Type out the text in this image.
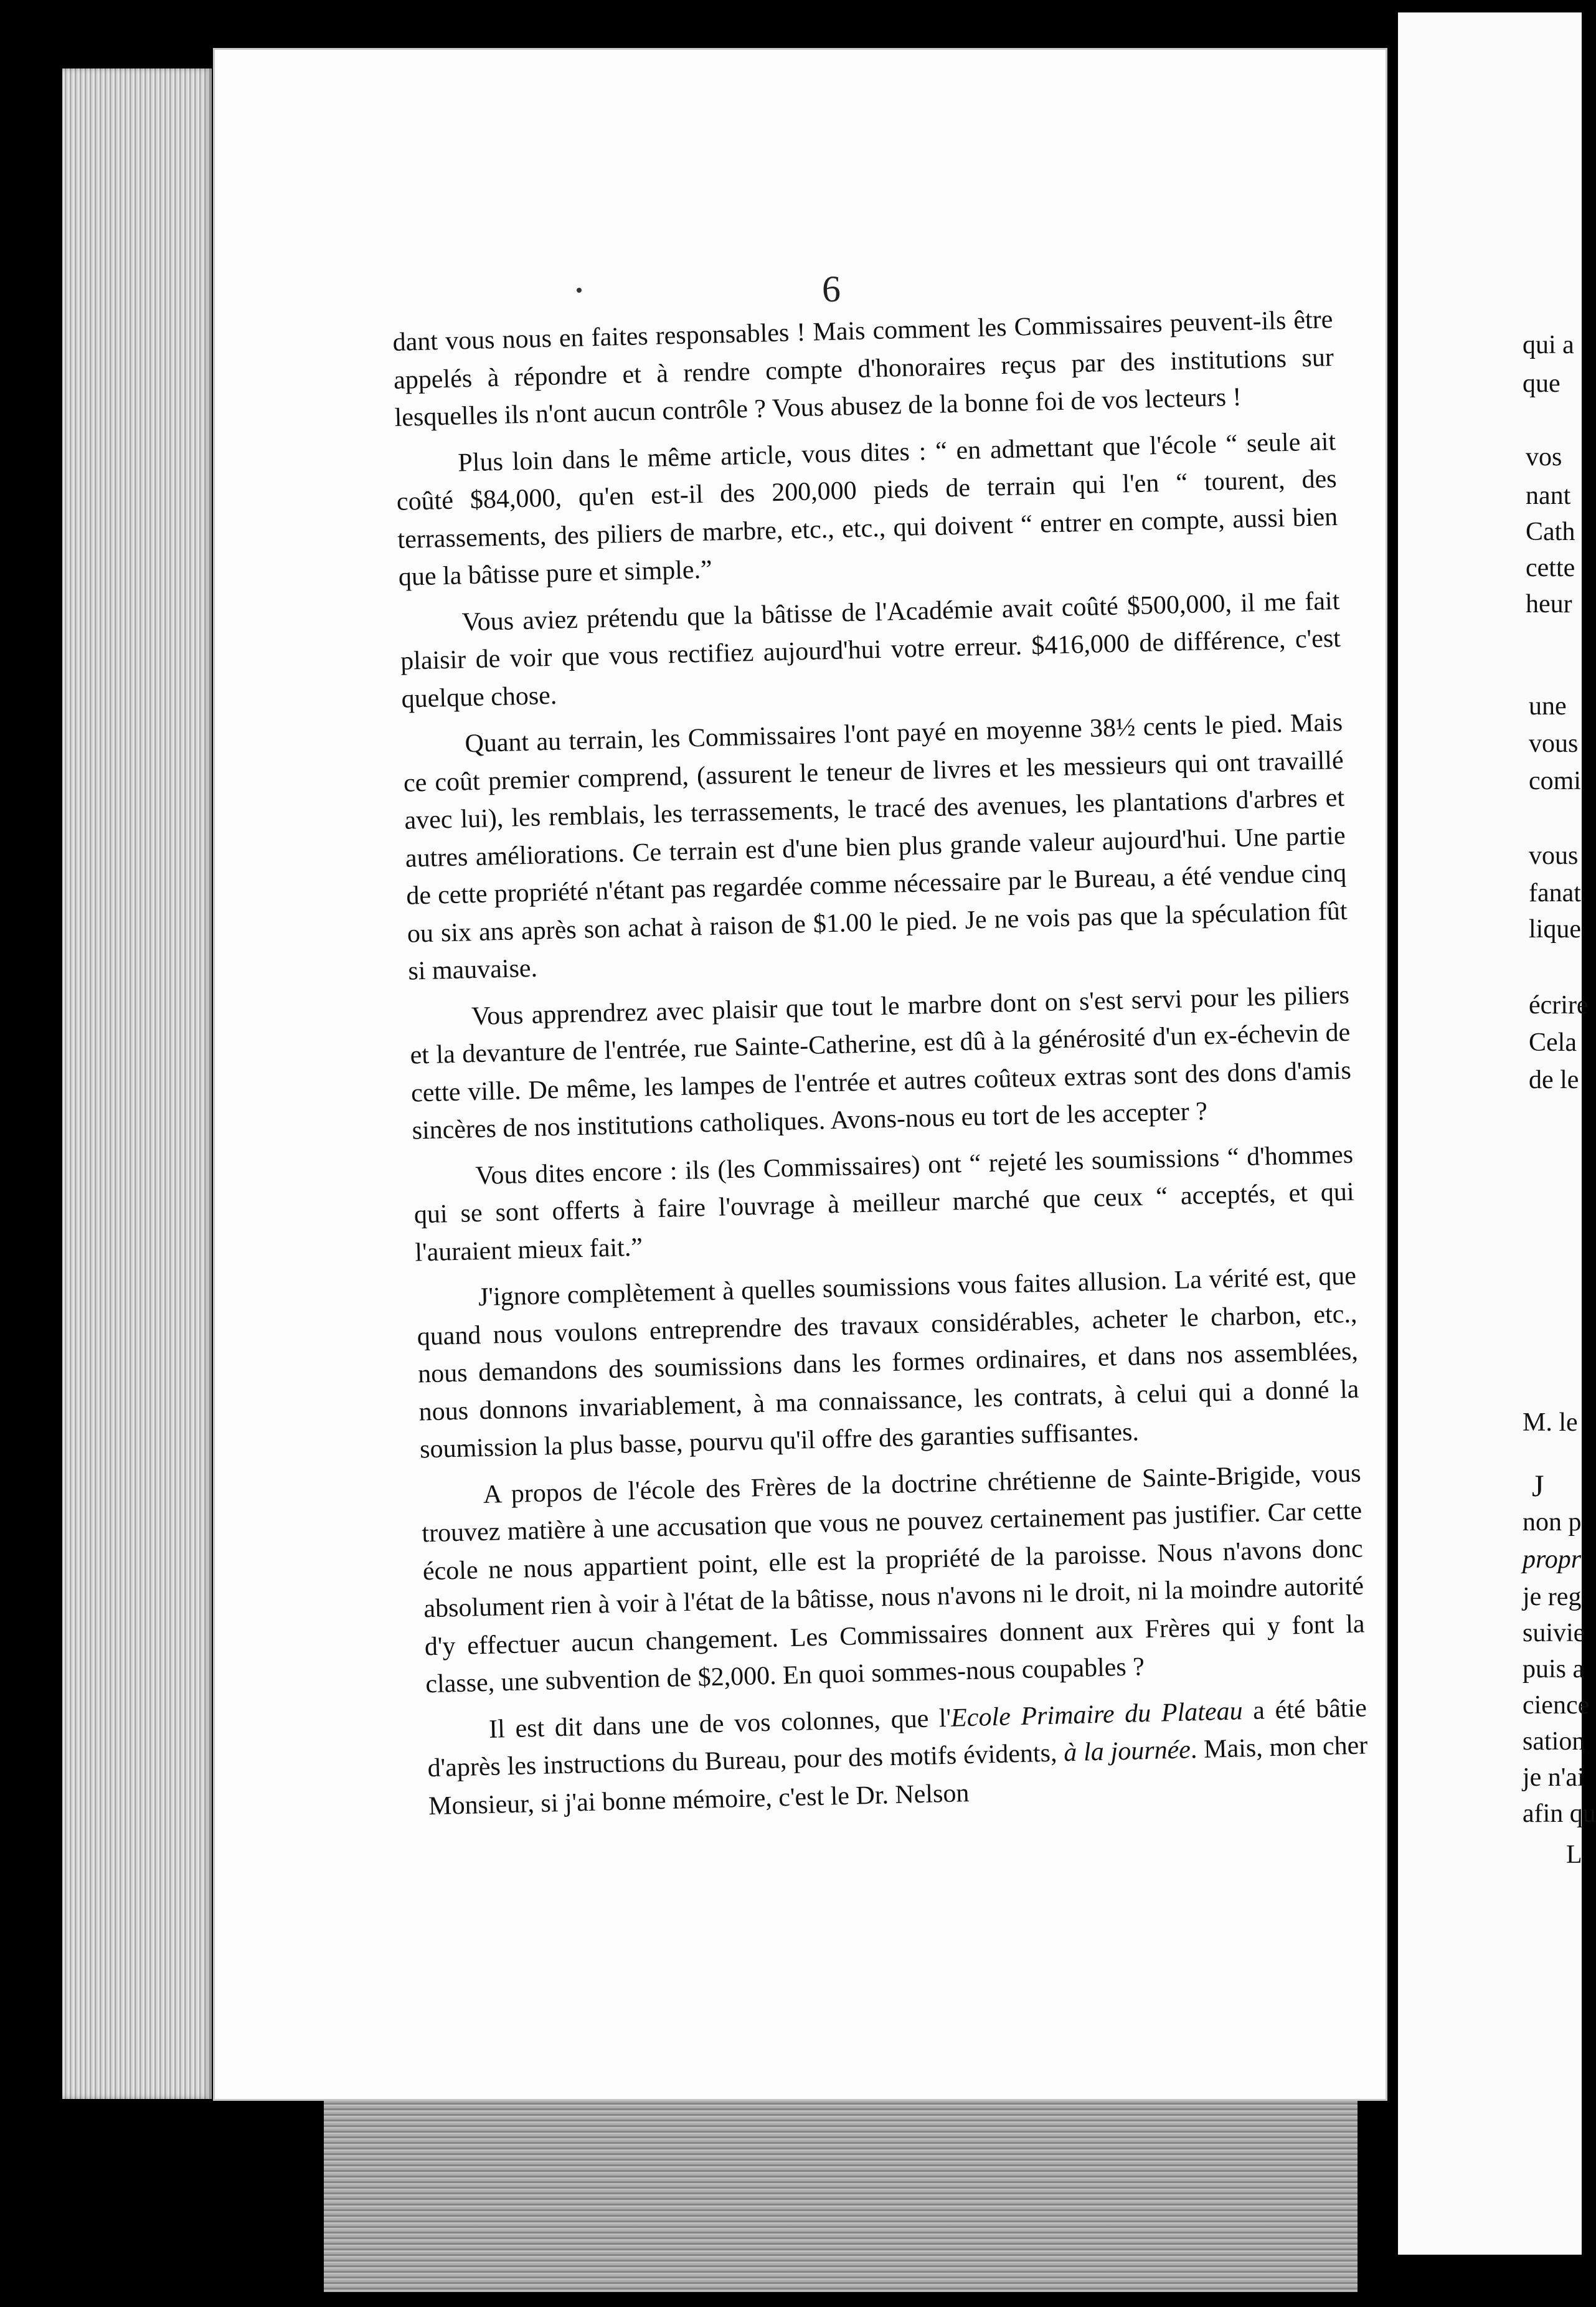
6

dant vous nous en faites responsables ! Mais comment les Commissaires peuvent-ils être appelés à répondre et à rendre compte d'honoraires reçus par des institutions sur lesquelles ils n'ont aucun contrôle ? Vous abusez de la bonne foi de vos lecteurs !

Plus loin dans le même article, vous dites : “ en admettant que l'école “ seule ait coûté $84,000, qu'en est-il des 200,000 pieds de terrain qui l'en “ tourent, des terrassements, des piliers de marbre, etc., etc., qui doivent “ entrer en compte, aussi bien que la bâtisse pure et simple.”

Vous aviez prétendu que la bâtisse de l'Académie avait coûté $500,000, il me fait plaisir de voir que vous rectifiez aujourd'hui votre erreur. $416,000 de différence, c'est quelque chose.

Quant au terrain, les Commissaires l'ont payé en moyenne 38½ cents le pied. Mais ce coût premier comprend, (assurent le teneur de livres et les messieurs qui ont travaillé avec lui), les remblais, les terrassements, le tracé des avenues, les plantations d'arbres et autres améliorations. Ce terrain est d'une bien plus grande valeur aujourd'hui. Une partie de cette propriété n'étant pas regardée comme nécessaire par le Bureau, a été vendue cinq ou six ans après son achat à raison de $1.00 le pied. Je ne vois pas que la spéculation fût si mauvaise.

Vous apprendrez avec plaisir que tout le marbre dont on s'est servi pour les piliers et la devanture de l'entrée, rue Sainte-Catherine, est dû à la générosité d'un ex-échevin de cette ville. De même, les lampes de l'entrée et autres coûteux extras sont des dons d'amis sincères de nos institutions catholiques. Avons-nous eu tort de les accepter ?

Vous dites encore : ils (les Commissaires) ont “ rejeté les soumissions “ d'hommes qui se sont offerts à faire l'ouvrage à meilleur marché que ceux “ acceptés, et qui l'auraient mieux fait.”

J'ignore complètement à quelles soumissions vous faites allusion. La vérité est, que quand nous voulons entreprendre des travaux considérables, acheter le charbon, etc., nous demandons des soumissions dans les formes ordinaires, et dans nos assemblées, nous donnons invariablement, à ma connaissance, les contrats, à celui qui a donné la soumission la plus basse, pourvu qu'il offre des garanties suffisantes.

A propos de l'école des Frères de la doctrine chrétienne de Sainte-Brigide, vous trouvez matière à une accusation que vous ne pouvez certainement pas justifier. Car cette école ne nous appartient point, elle est la propriété de la paroisse. Nous n'avons donc absolument rien à voir à l'état de la bâtisse, nous n'avons ni le droit, ni la moindre autorité d'y effectuer aucun changement. Les Commissaires donnent aux Frères qui y font la classe, une subvention de $2,000. En quoi sommes-nous coupables ?

Il est dit dans une de vos colonnes, que l'Ecole Primaire du Plateau a été bâtie d'après les instructions du Bureau, pour des motifs évidents, à la journée. Mais, mon cher Monsieur, si j'ai bonne mémoire, c'est le Dr. Nelson

qui a
que
vos
nant
Cath
cette
heur
une
vous
comi
vous
fanat
lique
écrire
Cela
de le
M. le
J
non p
propr
je reg
suivie
puis a
cience
sation
je n'ai
afin qu
L
